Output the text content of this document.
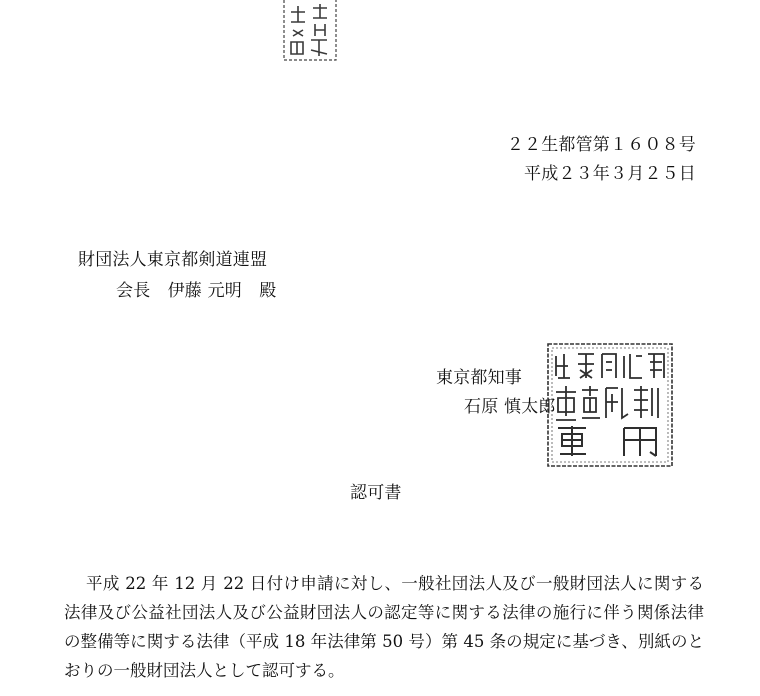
２２生都管第１６０８号
平成２３年３月２５日
財団法人東京都剣道連盟
会長　伊藤 元明　殿
東京都知事
石原 慎太郎
認可書
平成 22 年 12 月 22 日付け申請に対し、一般社団法人及び一般財団法人に関する法律及び公益社団法人及び公益財団法人の認定等に関する法律の施行に伴う関係法律の整備等に関する法律（平成 18 年法律第 50 号）第 45 条の規定に基づき、別紙のとおりの一般財団法人として認可する。
